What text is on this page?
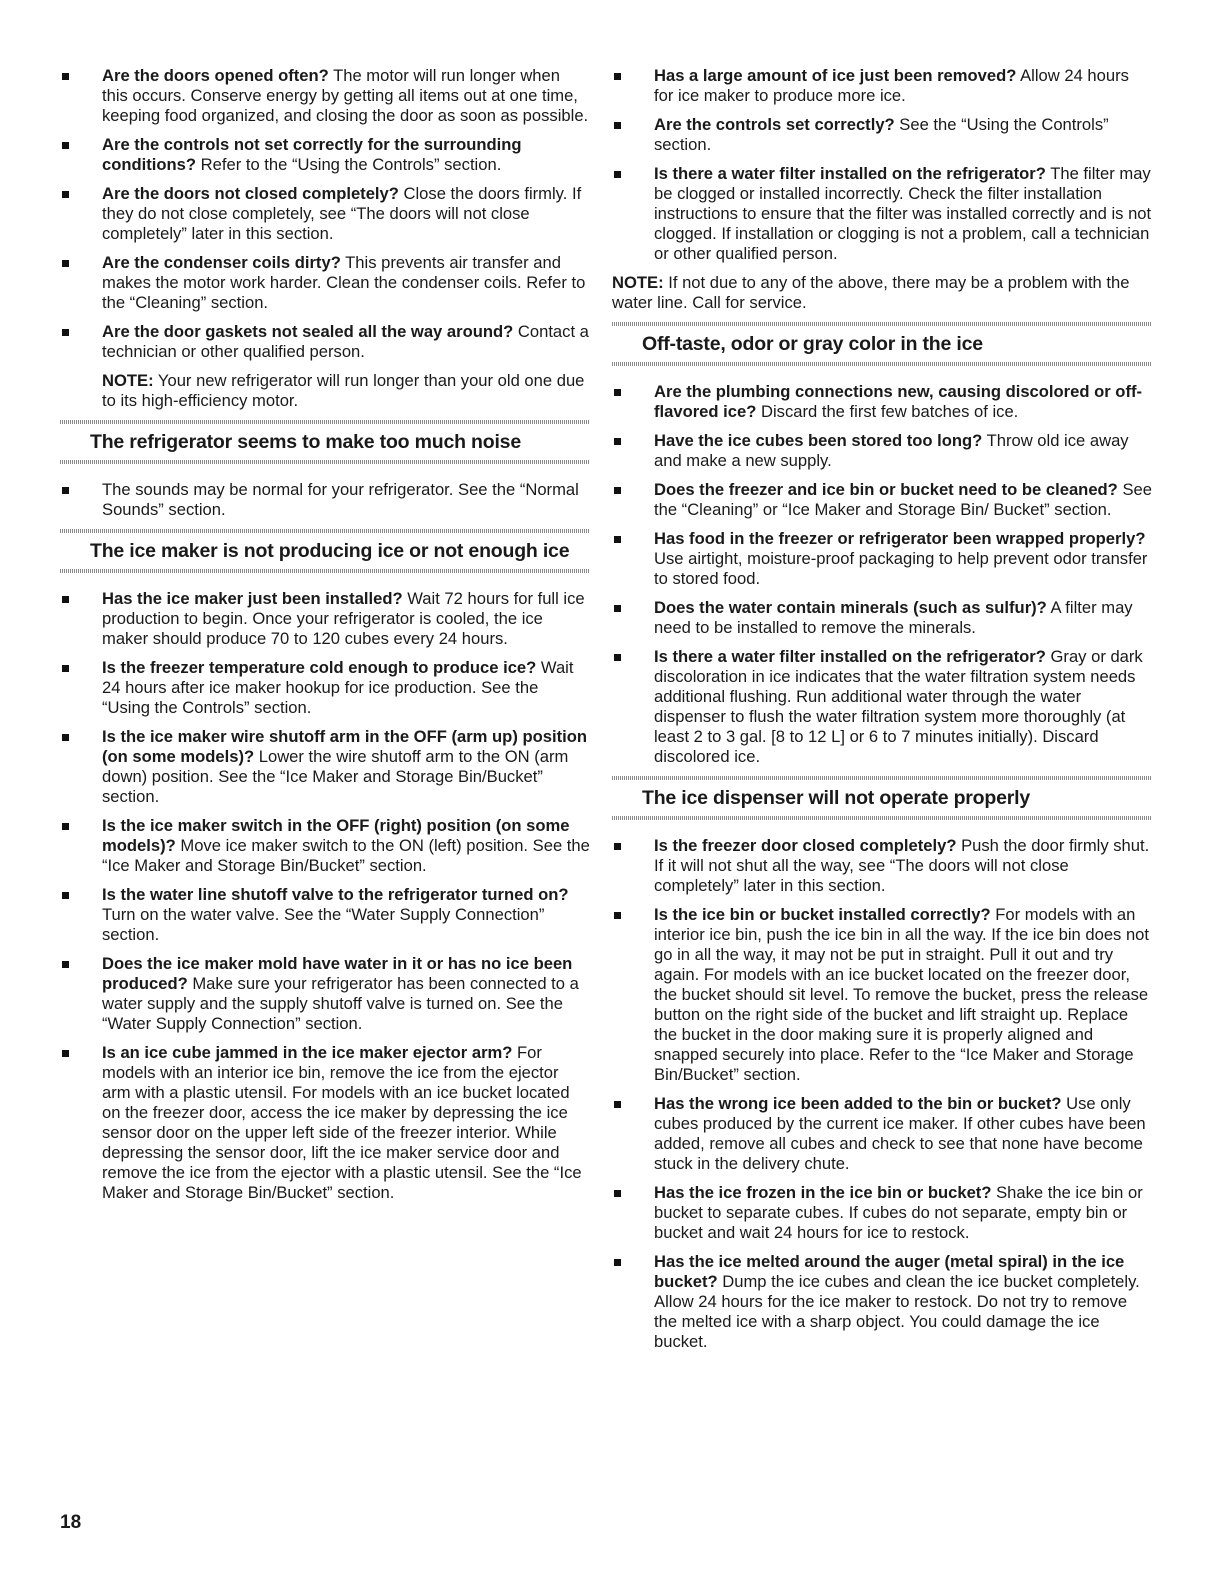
Are the doors opened often? The motor will run longer when this occurs. Conserve energy by getting all items out at one time, keeping food organized, and closing the door as soon as possible.
Are the controls not set correctly for the surrounding conditions? Refer to the “Using the Controls” section.
Are the doors not closed completely? Close the doors firmly. If they do not close completely, see “The doors will not close completely” later in this section.
Are the condenser coils dirty? This prevents air transfer and makes the motor work harder. Clean the condenser coils. Refer to the “Cleaning” section.
Are the door gaskets not sealed all the way around? Contact a technician or other qualified person.
NOTE: Your new refrigerator will run longer than your old one due to its high-efficiency motor.
The refrigerator seems to make too much noise
The sounds may be normal for your refrigerator. See the “Normal Sounds” section.
The ice maker is not producing ice or not enough ice
Has the ice maker just been installed? Wait 72 hours for full ice production to begin. Once your refrigerator is cooled, the ice maker should produce 70 to 120 cubes every 24 hours.
Is the freezer temperature cold enough to produce ice? Wait 24 hours after ice maker hookup for ice production. See the “Using the Controls” section.
Is the ice maker wire shutoff arm in the OFF (arm up) position (on some models)? Lower the wire shutoff arm to the ON (arm down) position. See the “Ice Maker and Storage Bin/Bucket” section.
Is the ice maker switch in the OFF (right) position (on some models)? Move ice maker switch to the ON (left) position. See the “Ice Maker and Storage Bin/Bucket” section.
Is the water line shutoff valve to the refrigerator turned on? Turn on the water valve. See the “Water Supply Connection” section.
Does the ice maker mold have water in it or has no ice been produced? Make sure your refrigerator has been connected to a water supply and the supply shutoff valve is turned on. See the “Water Supply Connection” section.
Is an ice cube jammed in the ice maker ejector arm? For models with an interior ice bin, remove the ice from the ejector arm with a plastic utensil. For models with an ice bucket located on the freezer door, access the ice maker by depressing the ice sensor door on the upper left side of the freezer interior. While depressing the sensor door, lift the ice maker service door and remove the ice from the ejector with a plastic utensil. See the “Ice Maker and Storage Bin/Bucket” section.
Has a large amount of ice just been removed? Allow 24 hours for ice maker to produce more ice.
Are the controls set correctly? See the “Using the Controls” section.
Is there a water filter installed on the refrigerator? The filter may be clogged or installed incorrectly. Check the filter installation instructions to ensure that the filter was installed correctly and is not clogged. If installation or clogging is not a problem, call a technician or other qualified person.
NOTE: If not due to any of the above, there may be a problem with the water line. Call for service.
Off-taste, odor or gray color in the ice
Are the plumbing connections new, causing discolored or off-flavored ice? Discard the first few batches of ice.
Have the ice cubes been stored too long? Throw old ice away and make a new supply.
Does the freezer and ice bin or bucket need to be cleaned? See the “Cleaning” or “Ice Maker and Storage Bin/ Bucket” section.
Has food in the freezer or refrigerator been wrapped properly? Use airtight, moisture-proof packaging to help prevent odor transfer to stored food.
Does the water contain minerals (such as sulfur)? A filter may need to be installed to remove the minerals.
Is there a water filter installed on the refrigerator? Gray or dark discoloration in ice indicates that the water filtration system needs additional flushing. Run additional water through the water dispenser to flush the water filtration system more thoroughly (at least 2 to 3 gal. [8 to 12 L] or 6 to 7 minutes initially). Discard discolored ice.
The ice dispenser will not operate properly
Is the freezer door closed completely? Push the door firmly shut. If it will not shut all the way, see “The doors will not close completely” later in this section.
Is the ice bin or bucket installed correctly? For models with an interior ice bin, push the ice bin in all the way. If the ice bin does not go in all the way, it may not be put in straight. Pull it out and try again. For models with an ice bucket located on the freezer door, the bucket should sit level. To remove the bucket, press the release button on the right side of the bucket and lift straight up. Replace the bucket in the door making sure it is properly aligned and snapped securely into place. Refer to the “Ice Maker and Storage Bin/Bucket” section.
Has the wrong ice been added to the bin or bucket? Use only cubes produced by the current ice maker. If other cubes have been added, remove all cubes and check to see that none have become stuck in the delivery chute.
Has the ice frozen in the ice bin or bucket? Shake the ice bin or bucket to separate cubes. If cubes do not separate, empty bin or bucket and wait 24 hours for ice to restock.
Has the ice melted around the auger (metal spiral) in the ice bucket? Dump the ice cubes and clean the ice bucket completely. Allow 24 hours for the ice maker to restock. Do not try to remove the melted ice with a sharp object. You could damage the ice bucket.
18
